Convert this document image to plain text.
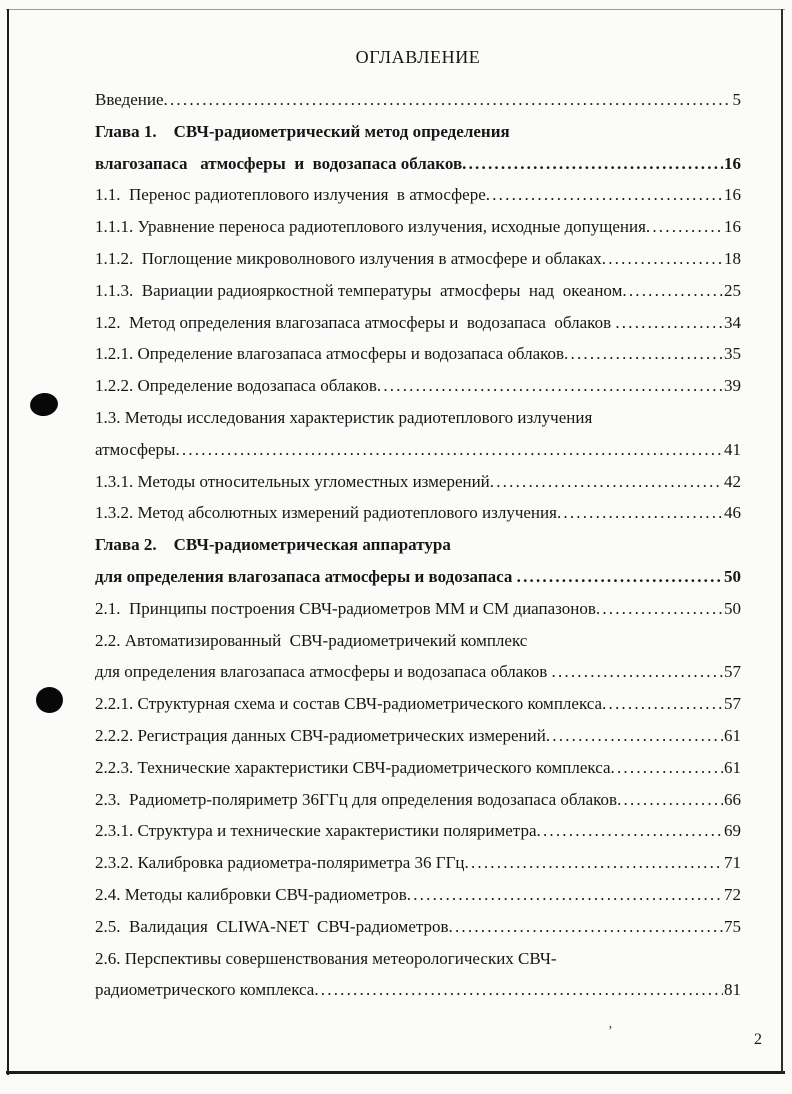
ОГЛАВЛЕНИЕ
Введение .....	5
Глава 1.    СВЧ-радиометрический метод определения
влагозапаса   атмосферы  и  водозапаса облаков .....	16
1.1.  Перенос радиотеплового излучения  в атмосфере .....	16
1.1.1. Уравнение переноса радиотеплового излучения, исходные допущения .....	16
1.1.2.  Поглощение микроволнового излучения в атмосфере и облаках .....	18
1.1.3.  Вариации радиояркостной температуры  атмосферы  над  океаном .....	25
1.2.  Метод определения влагозапаса атмосферы и  водозапаса  облаков .....	34
1.2.1. Определение влагозапаса атмосферы и водозапаса облаков .....	35
1.2.2. Определение водозапаса облаков .....	39
1.3. Методы исследования характеристик радиотеплового излучения
атмосферы .....	41
1.3.1. Методы относительных угломестных измерений .....	42
1.3.2. Метод абсолютных измерений радиотеплового излучения .....	46
Глава 2.    СВЧ-радиометрическая аппаратура
для определения влагозапаса атмосферы и водозапаса .....	50
2.1.  Принципы построения СВЧ-радиометров ММ и СМ диапазонов .....	50
2.2. Автоматизированный  СВЧ-радиометричекий комплекс
для определения влагозапаса атмосферы и водозапаса облаков .....	57
2.2.1. Структурная схема и состав СВЧ-радиометрического комплекса .....	57
2.2.2. Регистрация данных СВЧ-радиометрических измерений .....	61
2.2.3. Технические характеристики СВЧ-радиометрического комплекса .....	61
2.3.  Радиометр-поляриметр 36ГГц для определения водозапаса облаков .....	66
2.3.1. Структура и технические характеристики поляриметра .....	69
2.3.2. Калибровка радиометра-поляриметра 36 ГГц .....	71
2.4. Методы калибровки СВЧ-радиометров .....	72
2.5.  Валидация  CLIWA-NET  СВЧ-радиометров .....	75
2.6. Перспективы совершенствования метеорологических СВЧ-
радиометрического комплекса .....	81
’	2
